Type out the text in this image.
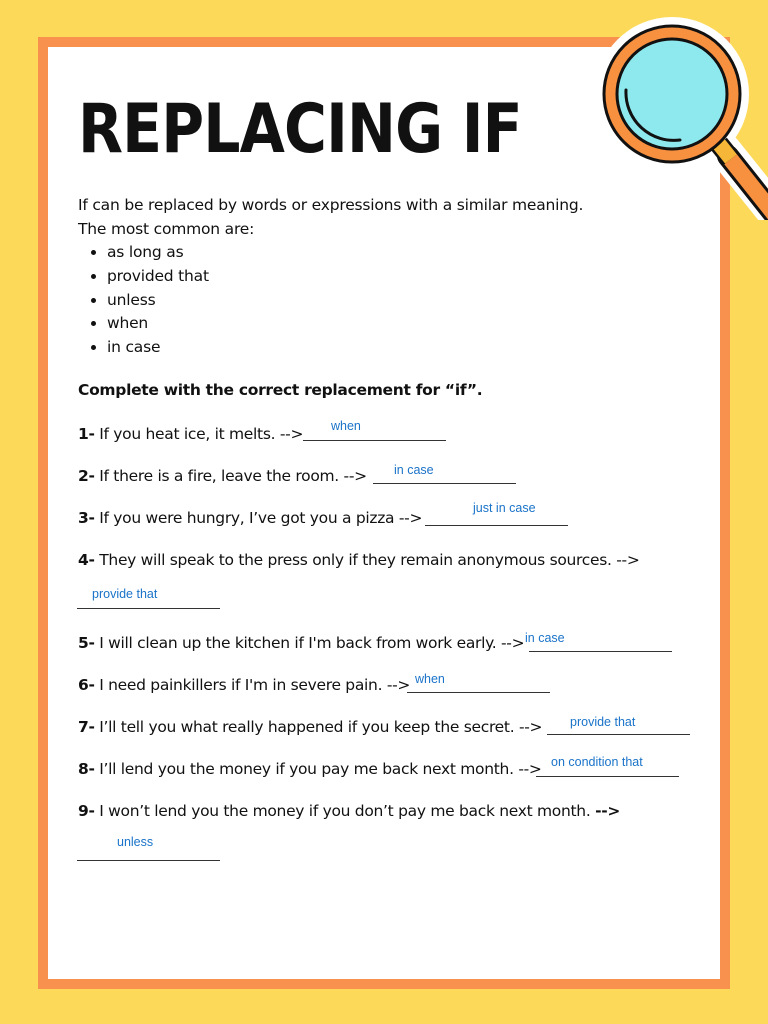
REPLACING IF

If can be replaced by words or expressions with a similar meaning.

The most common are:

• as long as
• provided that
• unless
• when
• in case
Complete with the correct replacement for “if”.
1- If you heat ice, it melts. --> when
2- If there is a fire, leave the room. --> in case
3- If you were hungry, I’ve got you a pizza -->
just in case
4- They will speak to the press only if they remain anonymous sources. -->
provide that
5- I will clean up the kitchen if I'm back from work early. --> in case
6- I need painkillers if I'm in severe pain. --> when
7- I’ll tell you what really happened if you keep the secret. --> provide that
8- I’ll lend you the money if you pay me back next month. --> on condition that
9- I won’t lend you the money if you don’t pay me back next month. -->
unless
